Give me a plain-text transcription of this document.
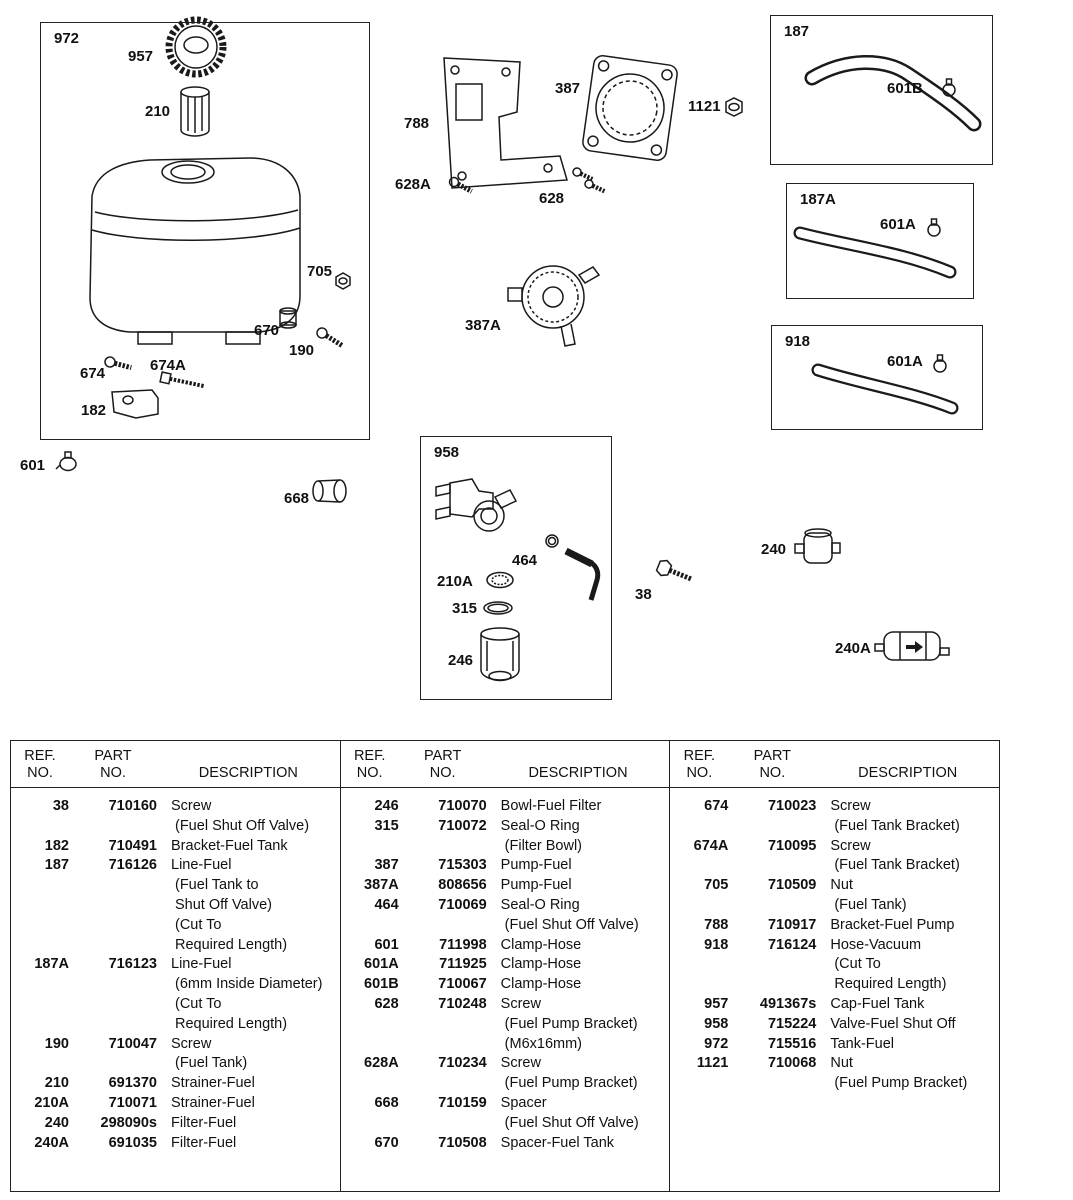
972	187
187A
918
958
957
210
705
670
190
674	674A
182
788
387
1121
628A
628
601B
601A
601A
387A
601
668
464
210A
315
246
38
240
240A
REF.
NO.
PART
NO.	DESCRIPTION
38	710160 Screw
(Fuel Shut Off Valve)
182	710491 Bracket-Fuel Tank
187	716126 Line-Fuel
(Fuel Tank to
Shut Off Valve)
(Cut To
Required Length)
187A	716123 Line-Fuel
(6mm Inside Diameter)
(Cut To
Required Length)
190	710047 Screw
(Fuel Tank)
210	691370 Strainer-Fuel
210A	710071 Strainer-Fuel
240	298090s Filter-Fuel
240A	691035 Filter-Fuel
REF.
NO.
PART
NO.	DESCRIPTION
246	710070 Bowl-Fuel Filter
315	710072 Seal-O Ring
(Filter Bowl)
387	715303 Pump-Fuel
387A	808656 Pump-Fuel
464	710069 Seal-O Ring
(Fuel Shut Off Valve)
601	711998 Clamp-Hose
601A	711925 Clamp-Hose
601B	710067 Clamp-Hose
628	710248 Screw
(Fuel Pump Bracket)
(M6x16mm)
628A	710234 Screw
(Fuel Pump Bracket)
668	710159 Spacer
(Fuel Shut Off Valve)
670	710508 Spacer-Fuel Tank
REF.
NO.
PART
NO.	DESCRIPTION
674	710023 Screw
(Fuel Tank Bracket)
674A	710095 Screw
(Fuel Tank Bracket)
705	710509 Nut
(Fuel Tank)
788	710917 Bracket-Fuel Pump
918	716124 Hose-Vacuum
(Cut To
Required Length)
957	491367s Cap-Fuel Tank
958	715224 Valve-Fuel Shut Off
972	715516 Tank-Fuel
1121	710068 Nut
(Fuel Pump Bracket)
